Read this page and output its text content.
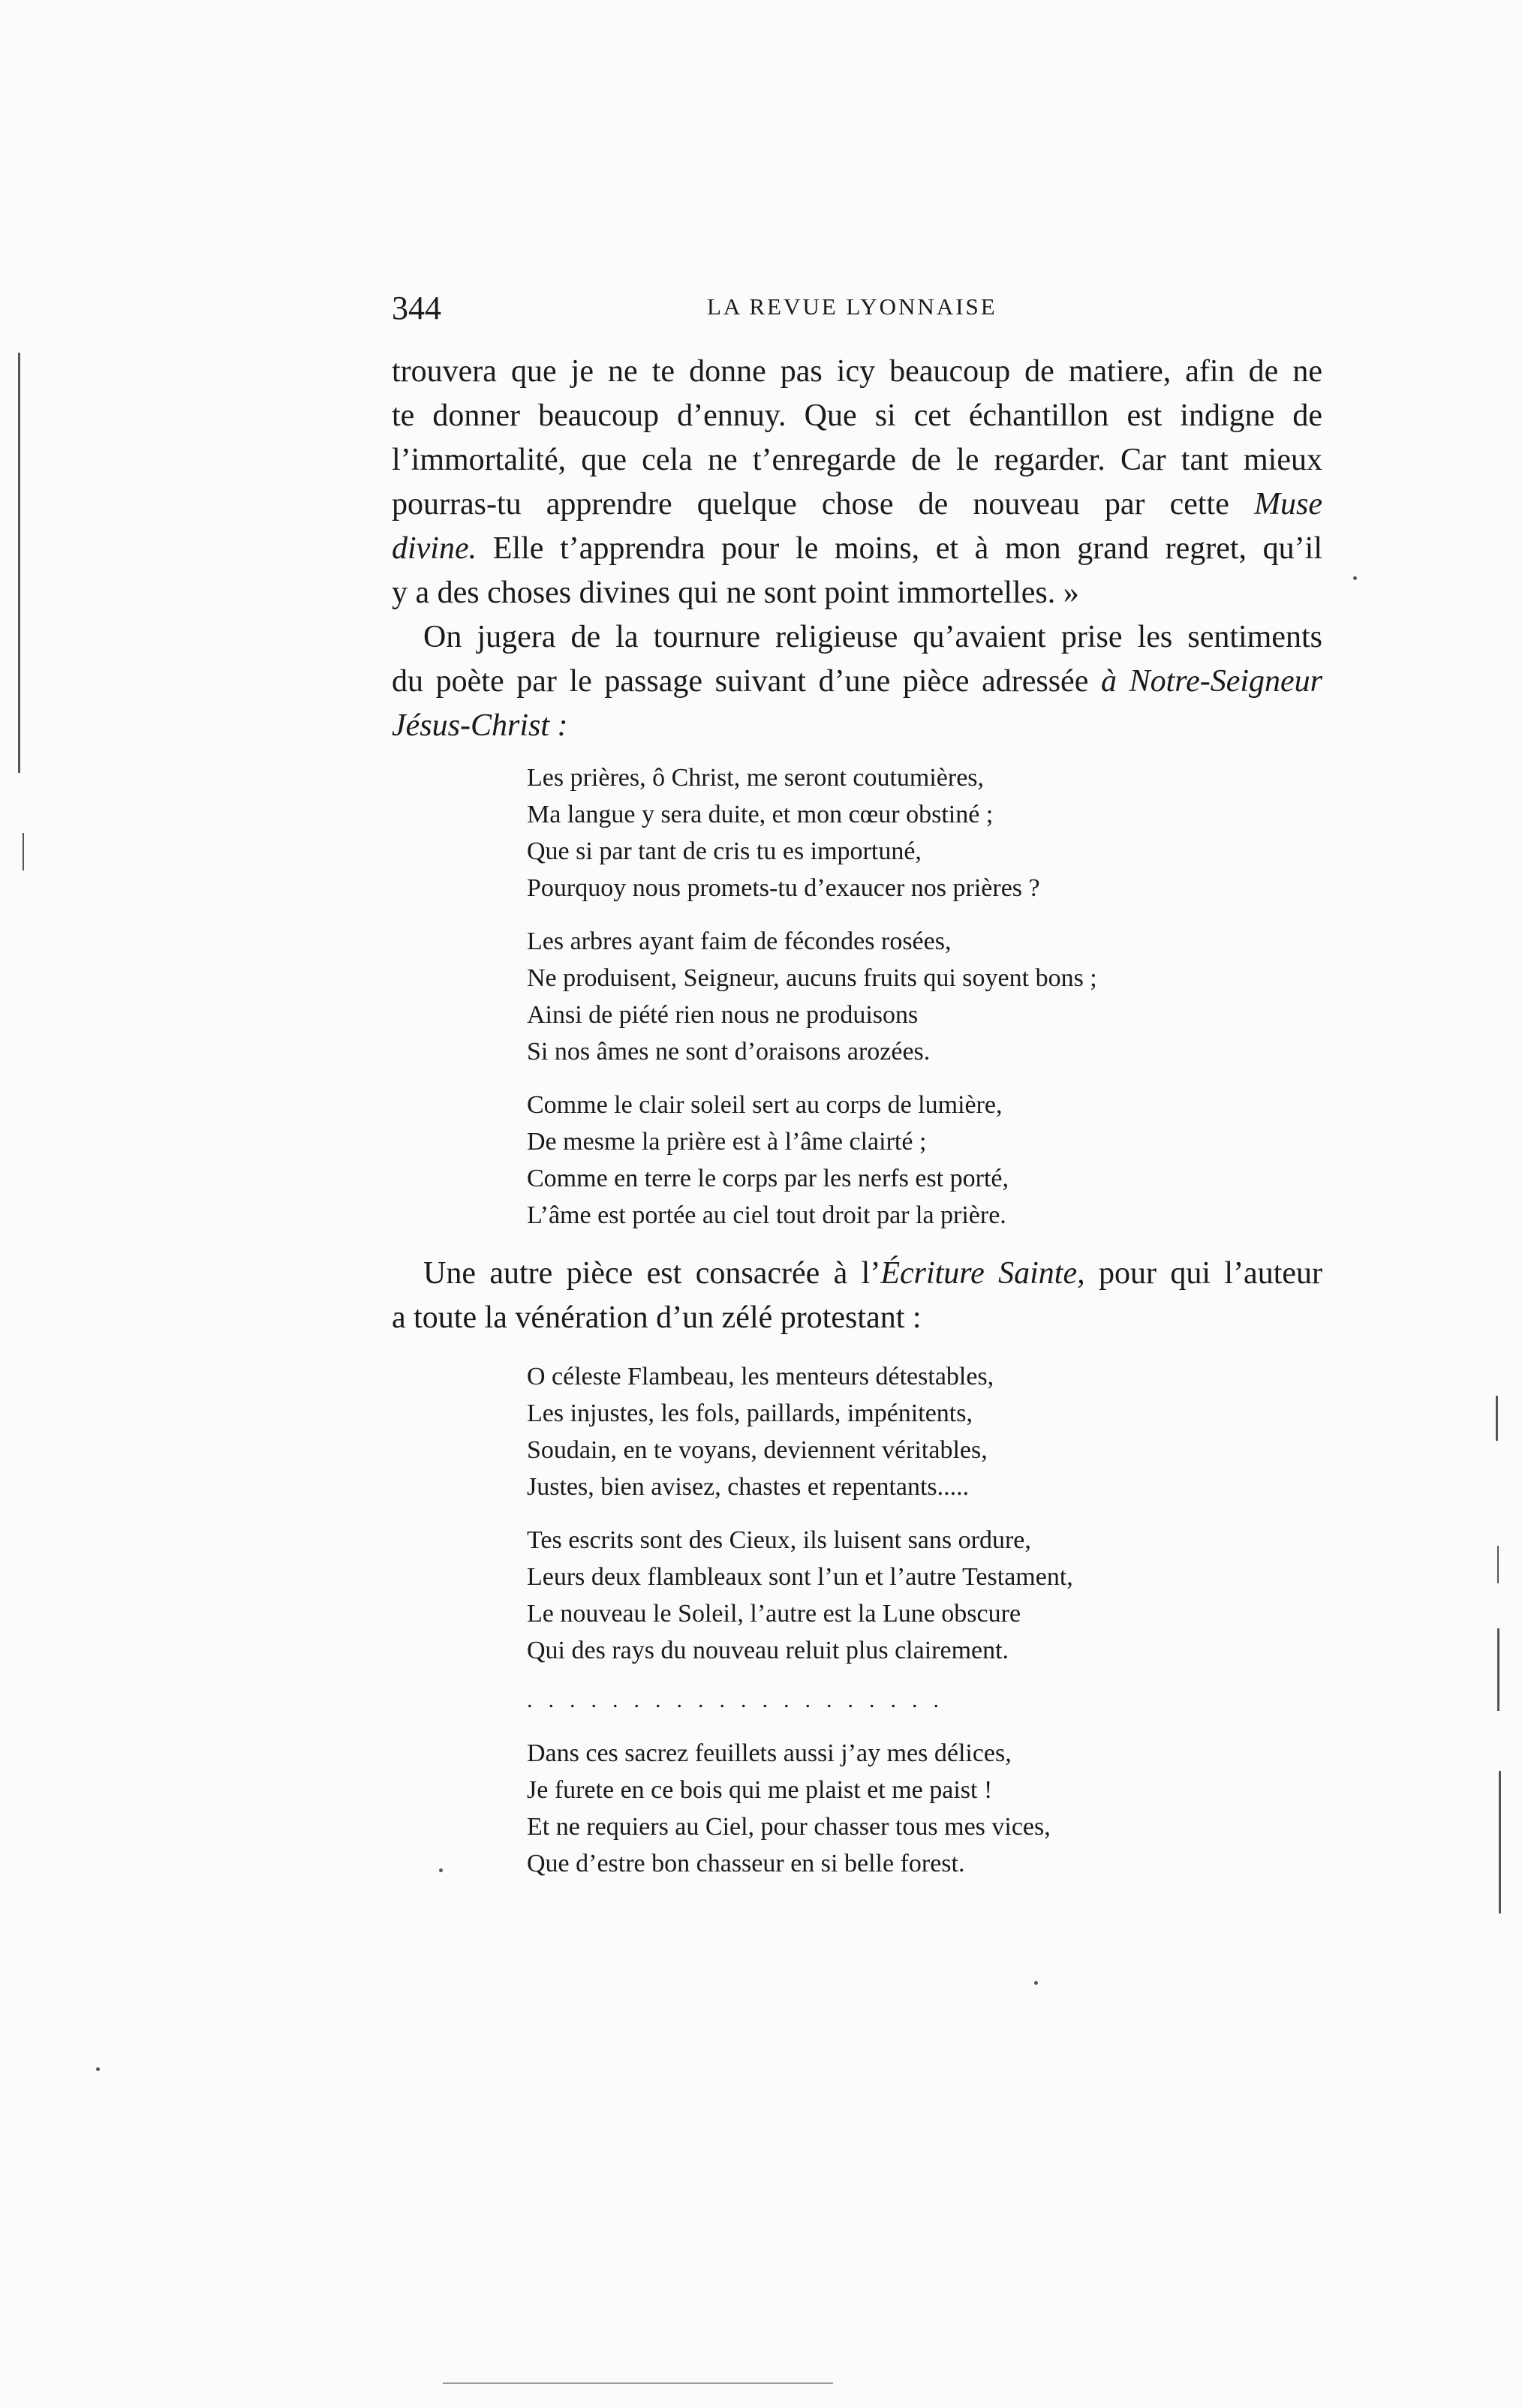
344	LA REVUE LYONNAISE
trouvera que je ne te donne pas icy beaucoup de matiere, afin de ne
te donner beaucoup d’ennuy. Que si cet échantillon est indigne de
l’immortalité, que cela ne t’enregarde de le regarder. Car tant mieux
pourras-tu apprendre quelque chose de nouveau par cette Muse
divine. Elle t’apprendra pour le moins, et à mon grand regret, qu’il
y a des choses divines qui ne sont point immortelles. »
On jugera de la tournure religieuse qu’avaient prise les sentiments
du poète par le passage suivant d’une pièce adressée à Notre-Seigneur
Jésus-Christ :
Les prières, ô Christ, me seront coutumières,
Ma langue y sera duite, et mon cœur obstiné ;
Que si par tant de cris tu es importuné,
Pourquoy nous promets-tu d’exaucer nos prières ?
Les arbres ayant faim de fécondes rosées,
Ne produisent, Seigneur, aucuns fruits qui soyent bons ;
Ainsi de piété rien nous ne produisons
Si nos âmes ne sont d’oraisons arozées.
Comme le clair soleil sert au corps de lumière,
De mesme la prière est à l’âme clairté ;
Comme en terre le corps par les nerfs est porté,
L’âme est portée au ciel tout droit par la prière.
Une autre pièce est consacrée à l’Écriture Sainte, pour qui l’auteur
a toute la vénération d’un zélé protestant :
O céleste Flambeau, les menteurs détestables,
Les injustes, les fols, paillards, impénitents,
Soudain, en te voyans, deviennent véritables,
Justes, bien avisez, chastes et repentants.....
Tes escrits sont des Cieux, ils luisent sans ordure,
Leurs deux flambleaux sont l’un et l’autre Testament,
Le nouveau le Soleil, l’autre est la Lune obscure
Qui des rays du nouveau reluit plus clairement.
....................
Dans ces sacrez feuillets aussi j’ay mes délices,
Je furete en ce bois qui me plaist et me paist !
Et ne requiers au Ciel, pour chasser tous mes vices,
Que d’estre bon chasseur en si belle forest.
